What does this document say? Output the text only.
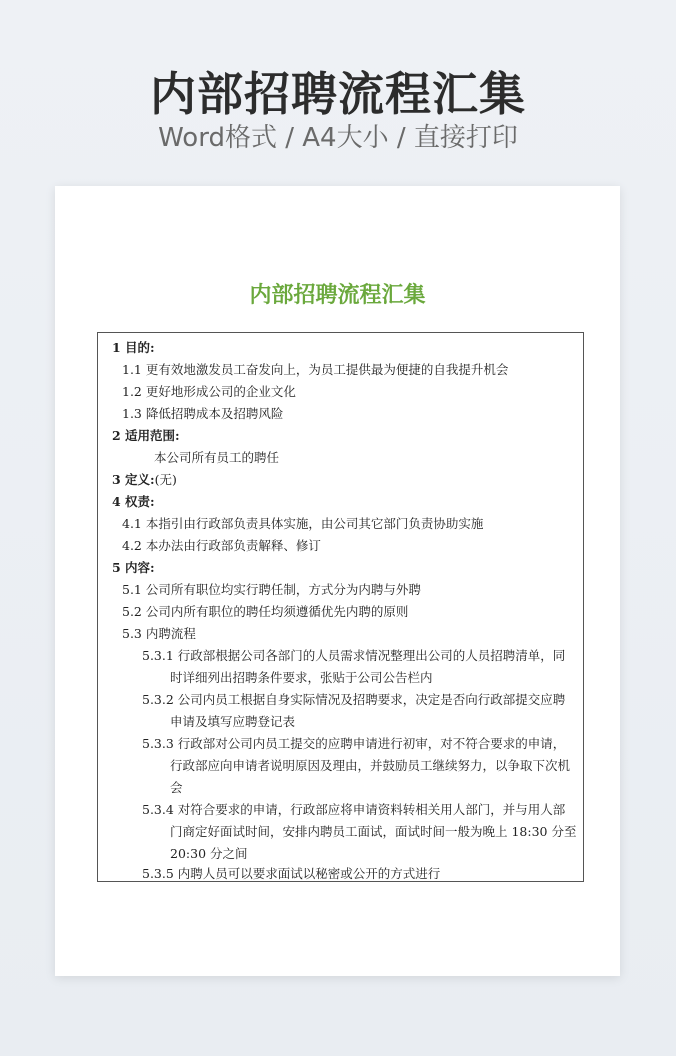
内部招聘流程汇集
Word格式 / A4大小 / 直接打印
内部招聘流程汇集
1 目的:
1.1 更有效地激发员工奋发向上，为员工提供最为便捷的自我提升机会
1.2 更好地形成公司的企业文化
1.3 降低招聘成本及招聘风险
2 适用范围:
本公司所有员工的聘任
3 定义:(无)
4 权责:
4.1 本指引由行政部负责具体实施，由公司其它部门负责协助实施
4.2 本办法由行政部负责解释、修订
5 内容:
5.1 公司所有职位均实行聘任制，方式分为内聘与外聘
5.2 公司内所有职位的聘任均须遵循优先内聘的原则
5.3 内聘流程
5.3.1 行政部根据公司各部门的人员需求情况整理出公司的人员招聘清单，同
时详细列出招聘条件要求，张贴于公司公告栏内
5.3.2 公司内员工根据自身实际情况及招聘要求，决定是否向行政部提交应聘
申请及填写应聘登记表
5.3.3 行政部对公司内员工提交的应聘申请进行初审，对不符合要求的申请，
行政部应向申请者说明原因及理由，并鼓励员工继续努力，以争取下次机
会
5.3.4 对符合要求的申请，行政部应将申请资料转相关用人部门，并与用人部
门商定好面试时间，安排内聘员工面试，面试时间一般为晚上 18:30 分至
20:30 分之间
5.3.5 内聘人员可以要求面试以秘密或公开的方式进行
